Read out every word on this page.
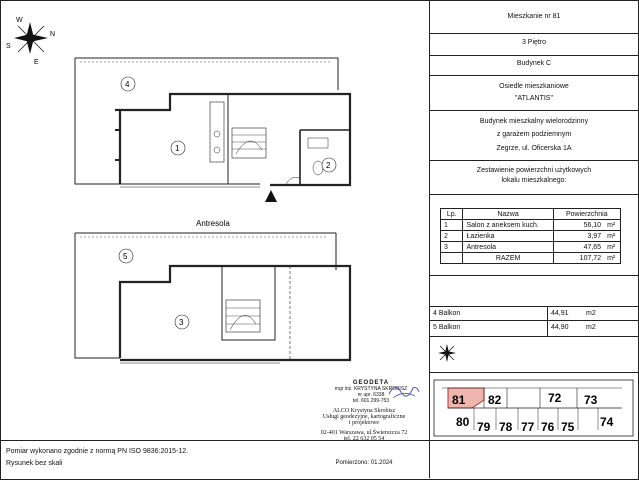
Mieszkanie nr 81
3 Piętro
Budynek C
Osiedle mieszkaniowe
"ATLANTIS"
Budynek mieszkalny wielorodzinny
z garażem podziemnym
Zegrze, ul. Oficerska 1A
Zestawienie powierzchni użytkowych
lokalu mieszkalnego:
Lp.	Nazwa	Powierzchnia	
1	Salon z aneksem kuch.	56,10	m²
2	Łazienka	3,97	m²
3	Antresola	47,65	m²
	RAZEM	107,72	m²
4 Balkon	44,91 m2
5 Balkon	44,90 m2
81 82	72 73
80 79 78 77 76 75 74
W
N
S
E
4
1
2
Antresola
5
3
GEODETA
mgr inż. KRYSTYNA SKROBISZ
nr upr. 6338
tel. 601 299-753
ALCO Krystyna Skrobisz
Usługi geodezyjne, kartograficzne
i projektowe
02-401 Warszawa, ul.Świerszcza 72
tel. 22 632 05 54
Pomierzono: 01.2024
Pomiar wykonano zgodnie z normą PN ISO 9836:2015-12.
Rysunek bez skali
